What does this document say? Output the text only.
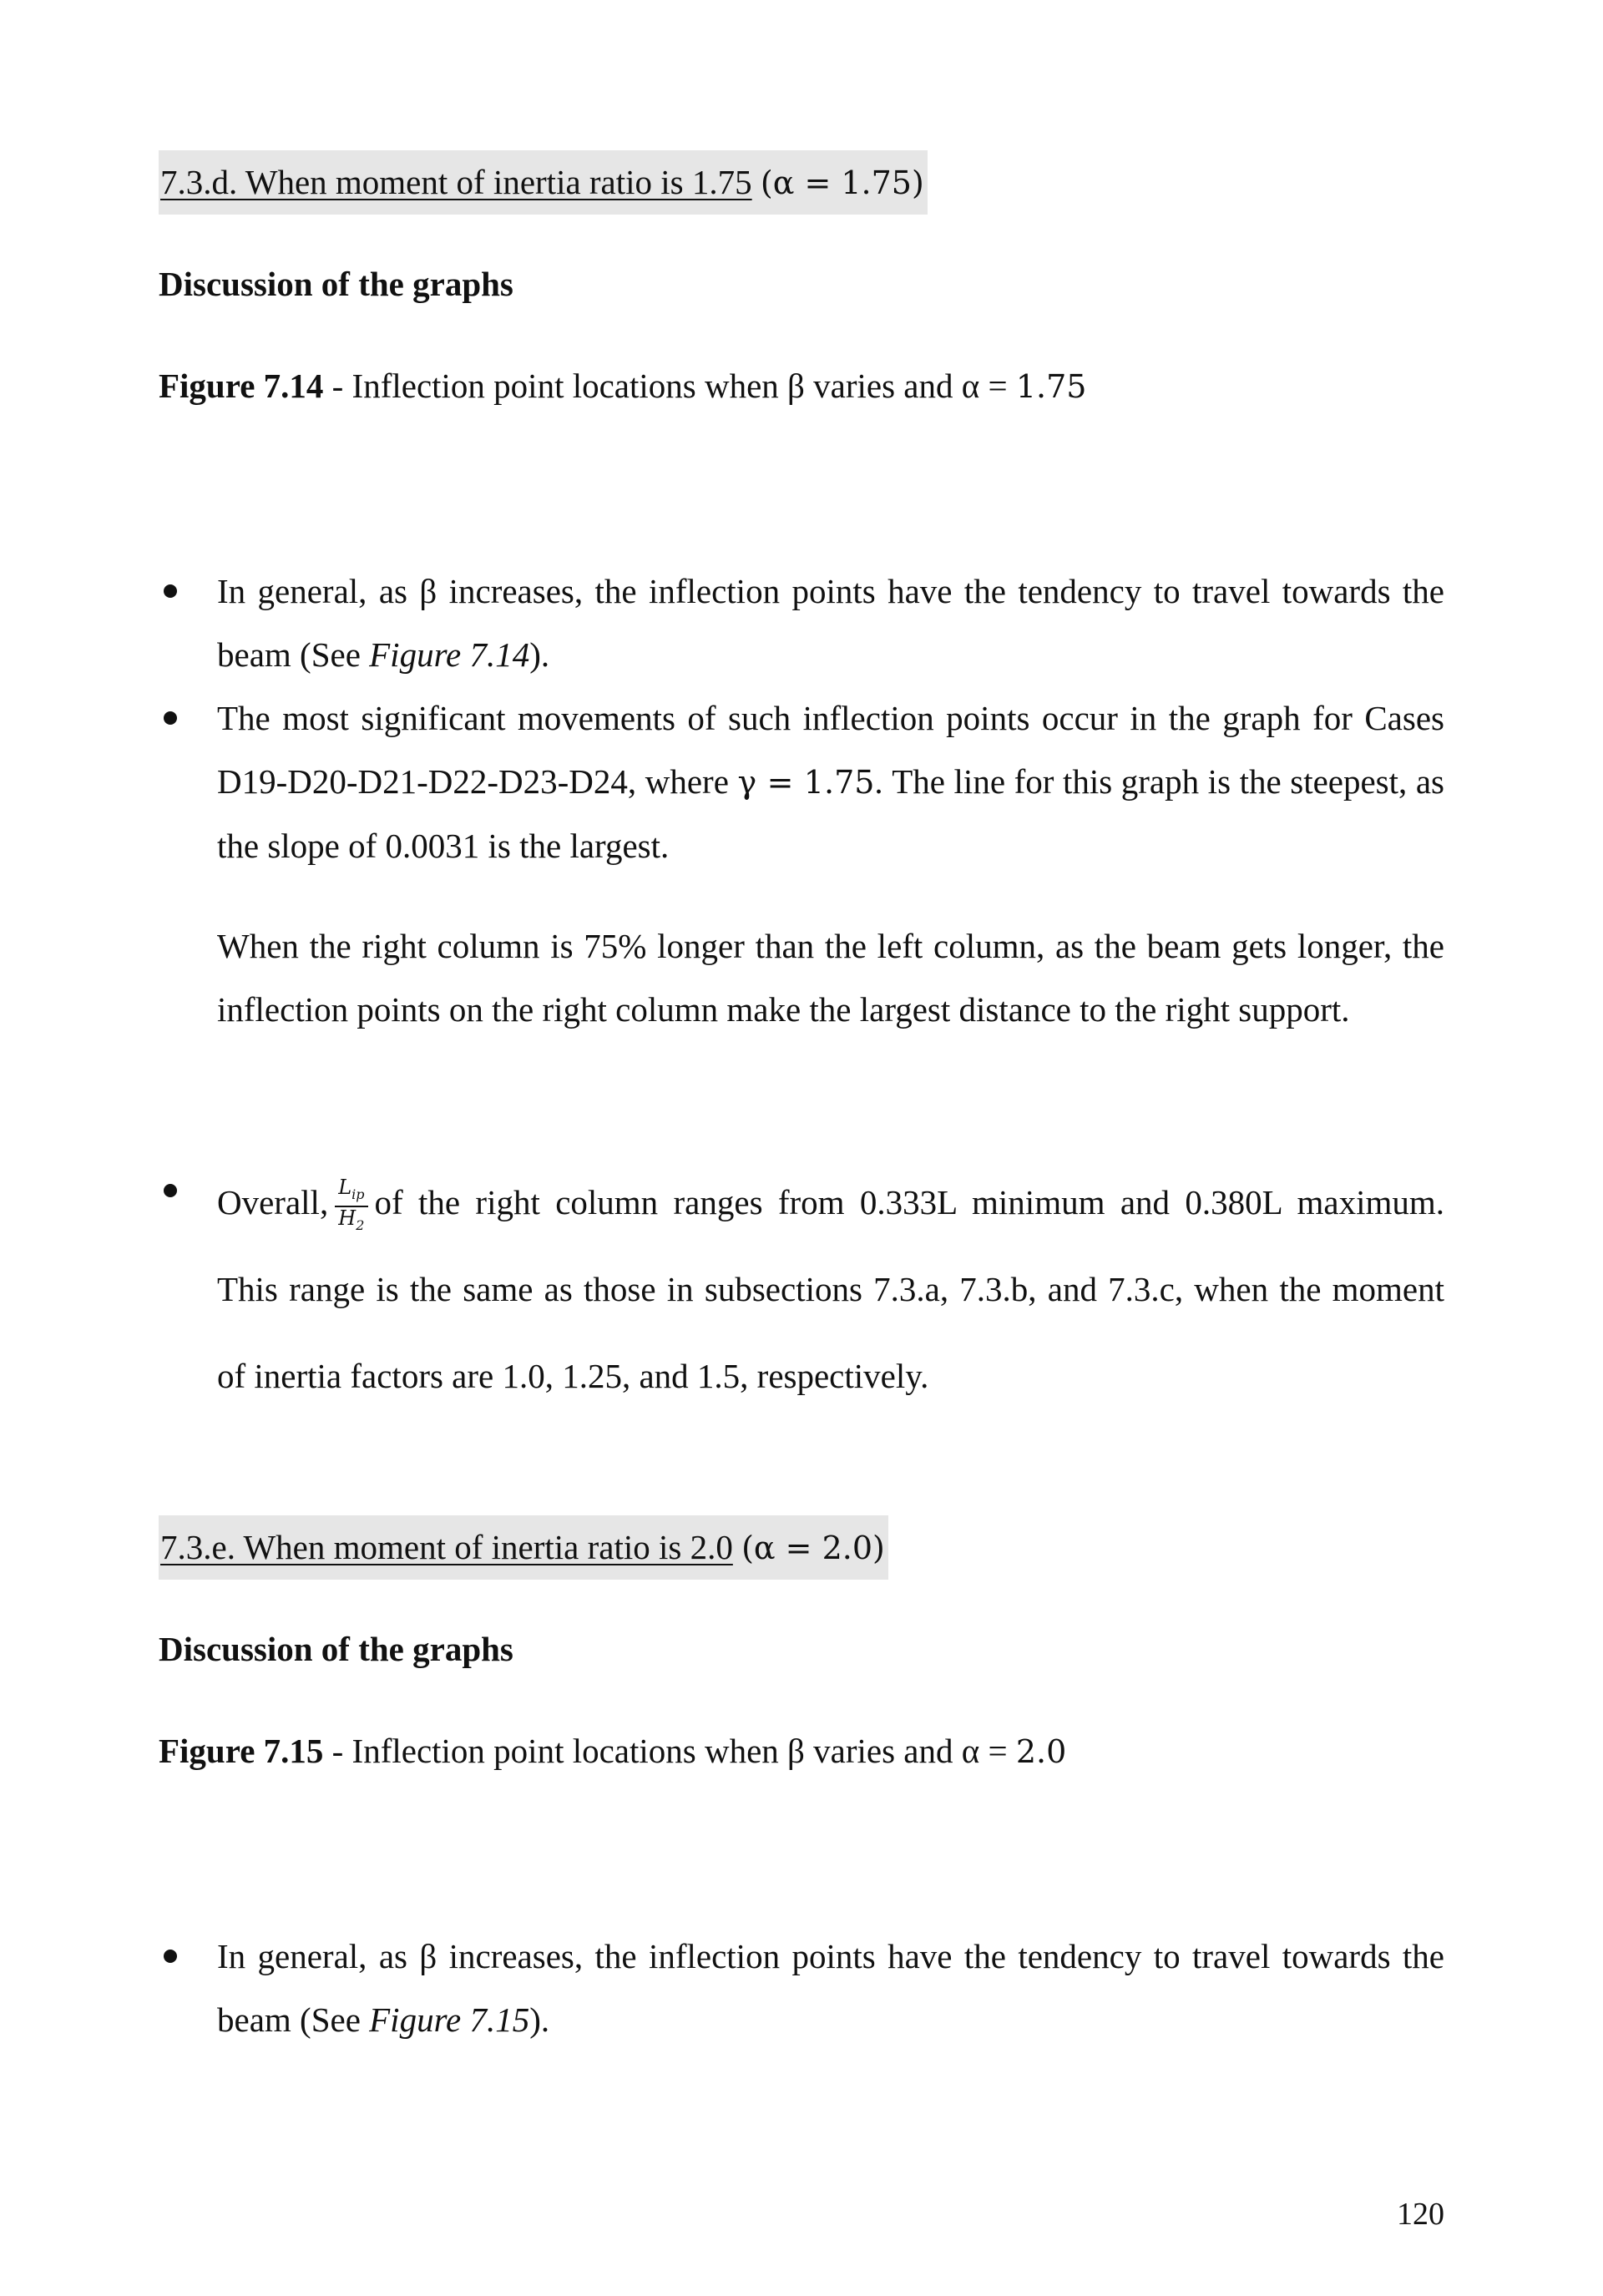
7.3.d. When moment of inertia ratio is 1.75 (α = 1.75)
Discussion of the graphs
Figure 7.14 - Inflection point locations when β varies and α = 1.75
In general, as β increases, the inflection points have the tendency to travel towards the beam (See Figure 7.14).
The most significant movements of such inflection points occur in the graph for Cases D19-D20-D21-D22-D23-D24, where γ = 1.75. The line for this graph is the steepest, as the slope of 0.0031 is the largest.
When the right column is 75% longer than the left column, as the beam gets longer, the inflection points on the right column make the largest distance to the right support.
Overall, $\frac{L_{ip}}{H_2}$ of the right column ranges from 0.333L minimum and 0.380L maximum. This range is the same as those in subsections 7.3.a, 7.3.b, and 7.3.c, when the moment of inertia factors are 1.0, 1.25, and 1.5, respectively.
7.3.e. When moment of inertia ratio is 2.0 (α = 2.0)
Discussion of the graphs
Figure 7.15 - Inflection point locations when β varies and α = 2.0
In general, as β increases, the inflection points have the tendency to travel towards the beam (See Figure 7.15).
120
